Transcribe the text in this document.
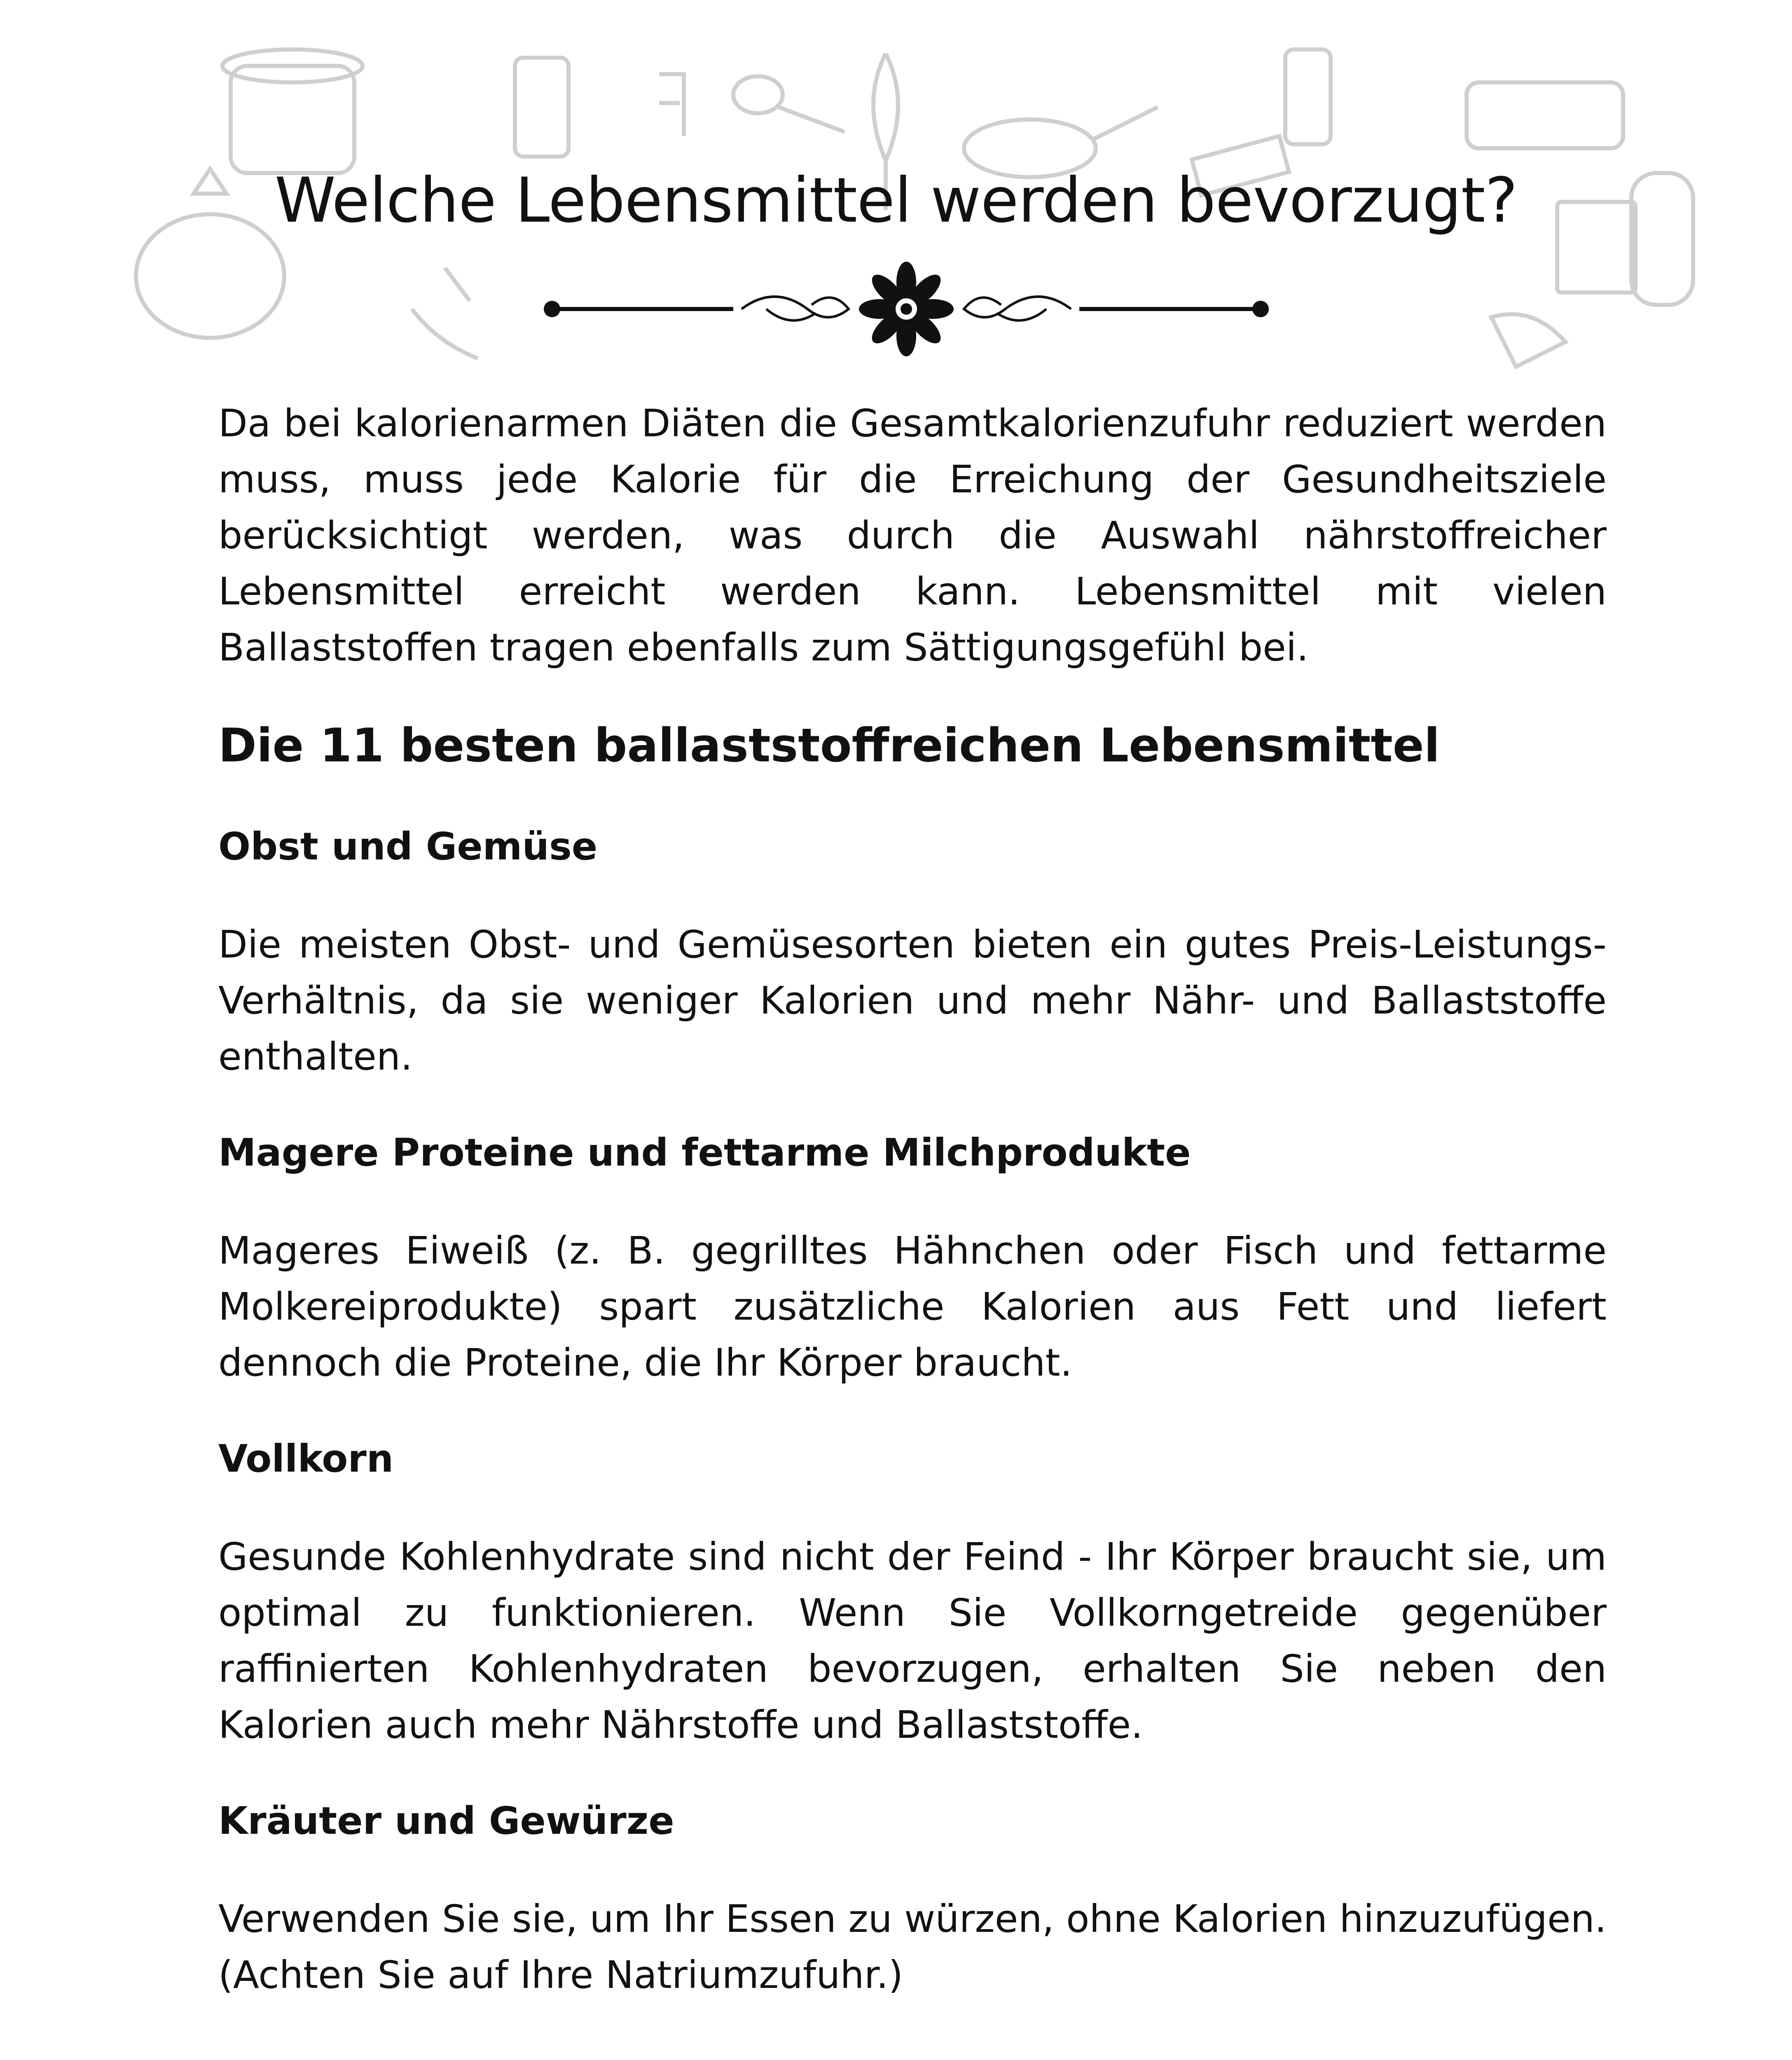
Welche Lebensmittel werden bevorzugt?

Da bei kalorienarmen Diäten die Gesamtkalorienzufuhr reduziert werden muss, muss jede Kalorie für die Erreichung der Gesundheitsziele berücksichtigt werden, was durch die Auswahl nährstoffreicher Lebensmittel erreicht werden kann. Lebensmittel mit vielen Ballaststoffen tragen ebenfalls zum Sättigungsgefühl bei.

Die 11 besten ballaststoffreichen Lebensmittel
Obst und Gemüse

Die meisten Obst- und Gemüsesorten bieten ein gutes Preis-Leistungs-Verhältnis, da sie weniger Kalorien und mehr Nähr- und Ballaststoffe enthalten.

Magere Proteine und fettarme Milchprodukte

Mageres Eiweiß (z. B. gegrilltes Hähnchen oder Fisch und fettarme Molkereiprodukte) spart zusätzliche Kalorien aus Fett und liefert dennoch die Proteine, die Ihr Körper braucht.

Vollkorn

Gesunde Kohlenhydrate sind nicht der Feind - Ihr Körper braucht sie, um optimal zu funktionieren. Wenn Sie Vollkorngetreide gegenüber raffinierten Kohlenhydraten bevorzugen, erhalten Sie neben den Kalorien auch mehr Nährstoffe und Ballaststoffe.

Kräuter und Gewürze

Verwenden Sie sie, um Ihr Essen zu würzen, ohne Kalorien hinzuzufügen. (Achten Sie auf Ihre Natriumzufuhr.)
